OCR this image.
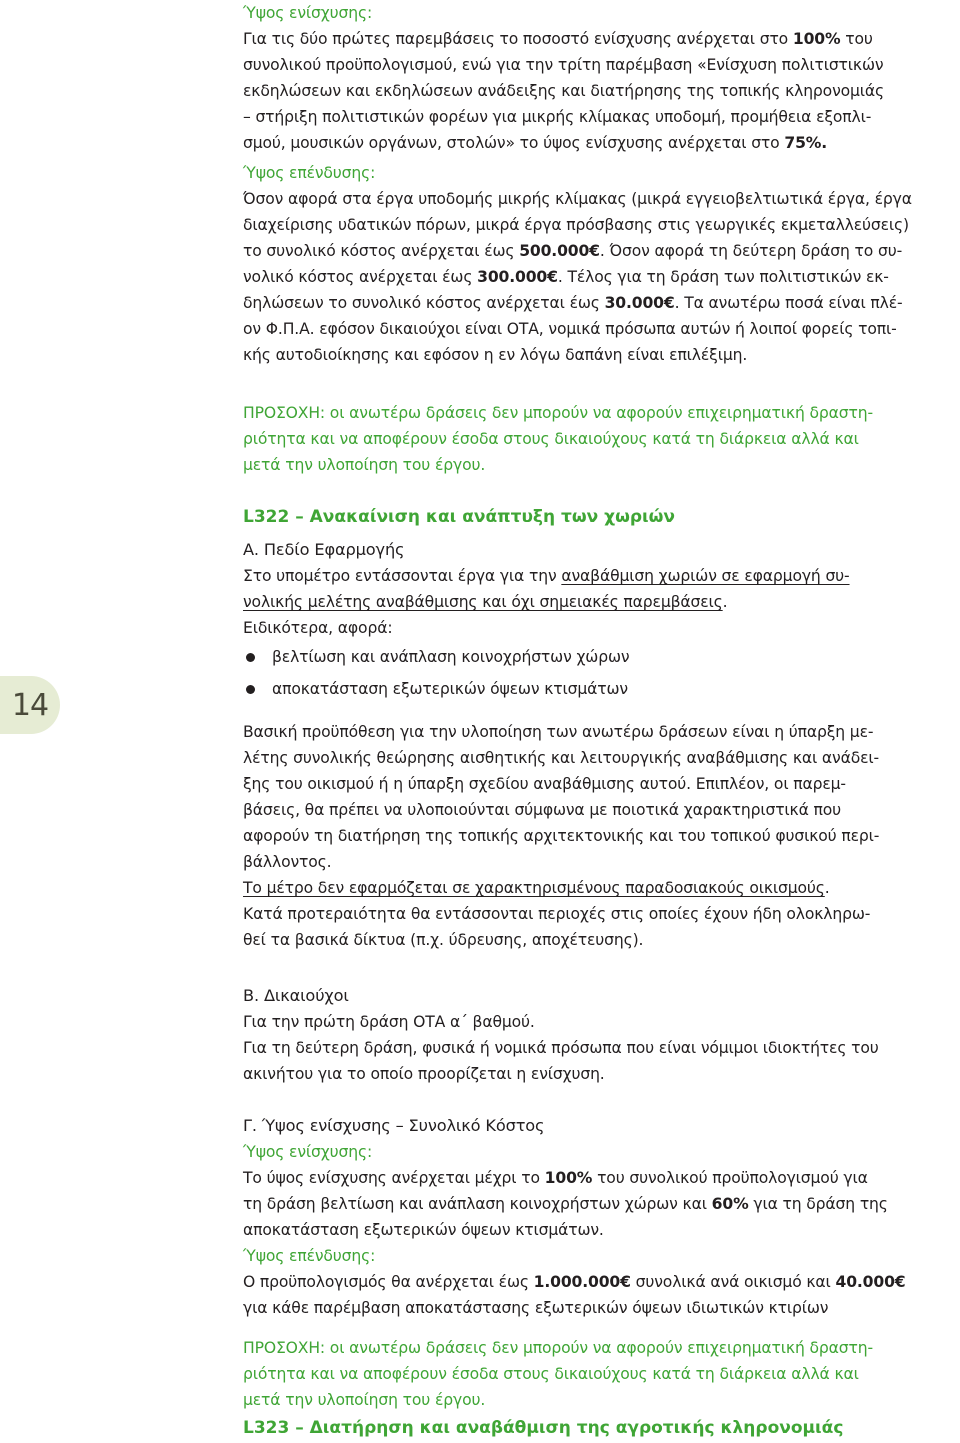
14
Ύψος ενίσχυσης:
Για τις δύο πρώτες παρεμβάσεις το ποσοστό ενίσχυσης ανέρχεται στο 100% του
συνολικού προϋπολογισμού, ενώ για την τρίτη παρέμβαση «Ενίσχυση πολιτιστικών
εκδηλώσεων και εκδηλώσεων ανάδειξης και διατήρησης της τοπικής κληρονομιάς
– στήριξη πολιτιστικών φορέων για μικρής κλίμακας υποδομή, προμήθεια εξοπλι-
σμού, μουσικών οργάνων, στολών» το ύψος ενίσχυσης ανέρχεται στο 75%.
Ύψος επένδυσης:
Όσον αφορά στα έργα υποδομής μικρής κλίμακας (μικρά εγγειοβελτιωτικά έργα, έργα
διαχείρισης υδατικών πόρων, μικρά έργα πρόσβασης στις γεωργικές εκμεταλλεύσεις)
το συνολικό κόστος ανέρχεται έως 500.000€. Όσον αφορά τη δεύτερη δράση το συ-
νολικό κόστος ανέρχεται έως 300.000€. Τέλος για τη δράση των πολιτιστικών εκ-
δηλώσεων το συνολικό κόστος ανέρχεται έως 30.000€. Τα ανωτέρω ποσά είναι πλέ-
ον Φ.Π.Α. εφόσον δικαιούχοι είναι ΟΤΑ, νομικά πρόσωπα αυτών ή λοιποί φορείς τοπι-
κής αυτοδιοίκησης και εφόσον η εν λόγω δαπάνη είναι επιλέξιμη.
ΠΡΟΣΟΧΗ: οι ανωτέρω δράσεις δεν μπορούν να αφορούν επιχειρηματική δραστη-
ριότητα και να αποφέρουν έσοδα στους δικαιούχους κατά τη διάρκεια αλλά και
μετά την υλοποίηση του έργου.
L322 – Ανακαίνιση και ανάπτυξη των χωριών
Α. Πεδίο Εφαρμογής
Στο υπομέτρο εντάσσονται έργα για την αναβάθμιση χωριών σε εφαρμογή συ-
νολικής μελέτης αναβάθμισης και όχι σημειακές παρεμβάσεις.
Ειδικότερα, αφορά:
βελτίωση και ανάπλαση κοινοχρήστων χώρων
αποκατάσταση εξωτερικών όψεων κτισμάτων
Βασική προϋπόθεση για την υλοποίηση των ανωτέρω δράσεων είναι η ύπαρξη με-
λέτης συνολικής θεώρησης αισθητικής και λειτουργικής αναβάθμισης και ανάδει-
ξης του οικισμού ή η ύπαρξη σχεδίου αναβάθμισης αυτού. Επιπλέον, οι παρεμ-
βάσεις, θα πρέπει να υλοποιούνται σύμφωνα με ποιοτικά χαρακτηριστικά που
αφορούν τη διατήρηση της τοπικής αρχιτεκτονικής και του τοπικού φυσικού περι-
βάλλοντος.
Το μέτρο δεν εφαρμόζεται σε χαρακτηρισμένους παραδοσιακούς οικισμούς.
Κατά προτεραιότητα θα εντάσσονται περιοχές στις οποίες έχουν ήδη ολοκληρω-
θεί τα βασικά δίκτυα (π.χ. ύδρευσης, αποχέτευσης).
Β. Δικαιούχοι
Για την πρώτη δράση ΟΤΑ α΄ βαθμού.
Για τη δεύτερη δράση, φυσικά ή νομικά πρόσωπα που είναι νόμιμοι ιδιοκτήτες του
ακινήτου για το οποίο προορίζεται η ενίσχυση.
Γ. Ύψος ενίσχυσης – Συνολικό Κόστος
Ύψος ενίσχυσης:
Το ύψος ενίσχυσης ανέρχεται μέχρι το 100% του συνολικού προϋπολογισμού για
τη δράση βελτίωση και ανάπλαση κοινοχρήστων χώρων και 60% για τη δράση της
αποκατάσταση εξωτερικών όψεων κτισμάτων.
Ύψος επένδυσης:
Ο προϋπολογισμός θα ανέρχεται έως 1.000.000€ συνολικά ανά οικισμό και 40.000€
για κάθε παρέμβαση αποκατάστασης εξωτερικών όψεων ιδιωτικών κτιρίων
ΠΡΟΣΟΧΗ: οι ανωτέρω δράσεις δεν μπορούν να αφορούν επιχειρηματική δραστη-
ριότητα και να αποφέρουν έσοδα στους δικαιούχους κατά τη διάρκεια αλλά και
μετά την υλοποίηση του έργου.
L323 – Διατήρηση και αναβάθμιση της αγροτικής κληρονομιάς
